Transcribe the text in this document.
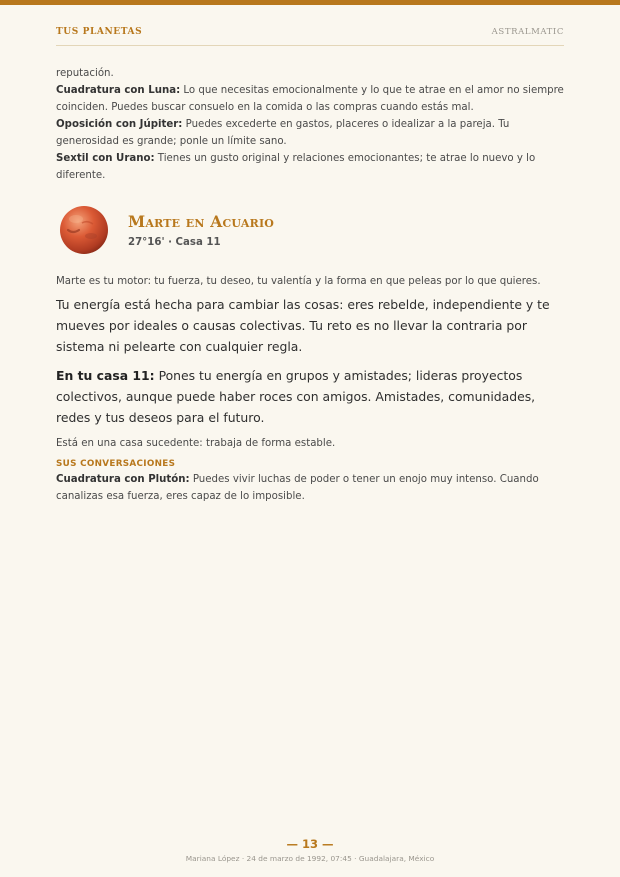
TUS PLANETAS	ASTRALMATIC

reputación.

Cuadratura con Luna: Lo que necesitas emocionalmente y lo que te atrae en el amor no siempre coinciden. Puedes buscar consuelo en la comida o las compras cuando estás mal.

Oposición con Júpiter: Puedes excederte en gastos, placeres o idealizar a la pareja. Tu generosidad es grande; ponle un límite sano.

Sextil con Urano: Tienes un gusto original y relaciones emocionantes; te atrae lo nuevo y lo diferente.

Marte en Acuario
27°16' · Casa 11

Marte es tu motor: tu fuerza, tu deseo, tu valentía y la forma en que peleas por lo que quieres.

Tu energía está hecha para cambiar las cosas: eres rebelde, independiente y te mueves por ideales o causas colectivas. Tu reto es no llevar la contraria por sistema ni pelearte con cualquier regla.

En tu casa 11: Pones tu energía en grupos y amistades; lideras proyectos colectivos, aunque puede haber roces con amigos. Amistades, comunidades, redes y tus deseos para el futuro.

Está en una casa sucedente: trabaja de forma estable.

SUS CONVERSACIONES

Cuadratura con Plutón: Puedes vivir luchas de poder o tener un enojo muy intenso. Cuando canalizas esa fuerza, eres capaz de lo imposible.

— 13 —
Mariana López · 24 de marzo de 1992, 07:45 · Guadalajara, México
